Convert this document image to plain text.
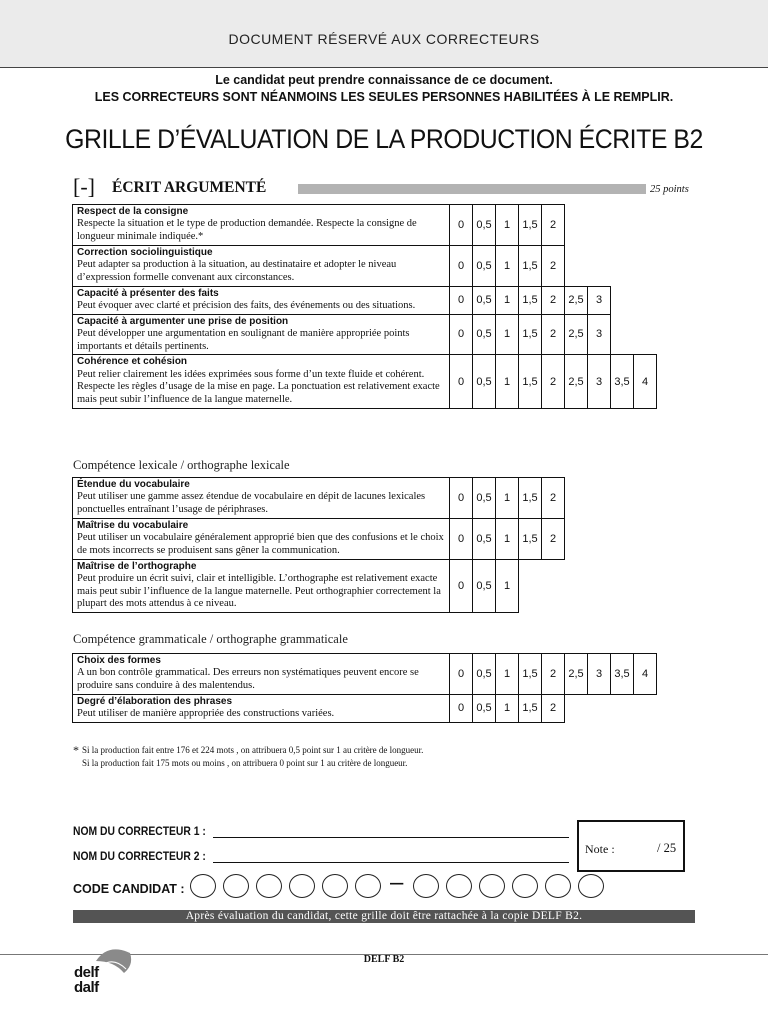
DOCUMENT RÉSERVÉ AUX CORRECTEURS
Le candidat peut prendre connaissance de ce document.
LES CORRECTEURS SONT NÉANMOINS LES SEULES PERSONNES HABILITÉES À LE REMPLIR.
GRILLE D’ÉVALUATION DE LA PRODUCTION ÉCRITE B2
[-] ÉCRIT ARGUMENTÉ	25 points
Respect de la consigne
Respecte la situation et le type de production demandée. Respecte la consigne de longueur minimale indiquée.*	0	0,5	1	1,5	2				

Correction sociolinguistique
Peut adapter sa production à la situation, au destinataire et adopter le niveau d’expression formelle convenant aux circonstances.	0	0,5	1	1,5	2				

Capacité à présenter des faits
Peut évoquer avec clarté et précision des faits, des événements ou des situations.	0	0,5	1	1,5	2	2,5	3		

Capacité à argumenter une prise de position
Peut développer une argumentation en soulignant de manière appropriée points importants et détails pertinents.	0	0,5	1	1,5	2	2,5	3		

Cohérence et cohésion
Peut relier clairement les idées exprimées sous forme d’un texte fluide et cohérent. Respecte les règles d’usage de la mise en page. La ponctuation est relativement exacte mais peut subir l’influence de la langue maternelle.	0	0,5	1	1,5	2	2,5	3	3,5	4
Compétence lexicale / orthographe lexicale
Étendue du vocabulaire
Peut utiliser une gamme assez étendue de vocabulaire en dépit de lacunes lexicales ponctuelles entraînant l’usage de périphrases.	0	0,5	1	1,5	2				

Maîtrise du vocabulaire
Peut utiliser un vocabulaire généralement approprié bien que des confusions et le choix de mots incorrects se produisent sans gêner la communication.	0	0,5	1	1,5	2				

Maîtrise de l’orthographe
Peut produire un écrit suivi, clair et intelligible. L’orthographe est relativement exacte mais peut subir l’influence de la langue maternelle. Peut orthographier correctement la plupart des mots attendus à ce niveau.	0	0,5	1						
Compétence grammaticale / orthographe grammaticale
Choix des formes
A un bon contrôle grammatical. Des erreurs non systématiques peuvent encore se produire sans conduire à des malentendus.	0	0,5	1	1,5	2	2,5	3	3,5	4

Degré d’élaboration des phrases
Peut utiliser de manière appropriée des constructions variées.	0	0,5	1	1,5	2				
* Si la production fait entre 176 et 224 mots , on attribuera 0,5 point sur 1 au critère de longueur.
Si la production fait 175 mots ou moins , on attribuera 0 point sur 1 au critère de longueur.
NOM DU CORRECTEUR 1 :
NOM DU CORRECTEUR 2 :
Note :	/ 25
CODE CANDIDAT :	–
Après évaluation du candidat, cette grille doit être rattachée à la copie DELF B2.
DELF B2
delf
dalf
